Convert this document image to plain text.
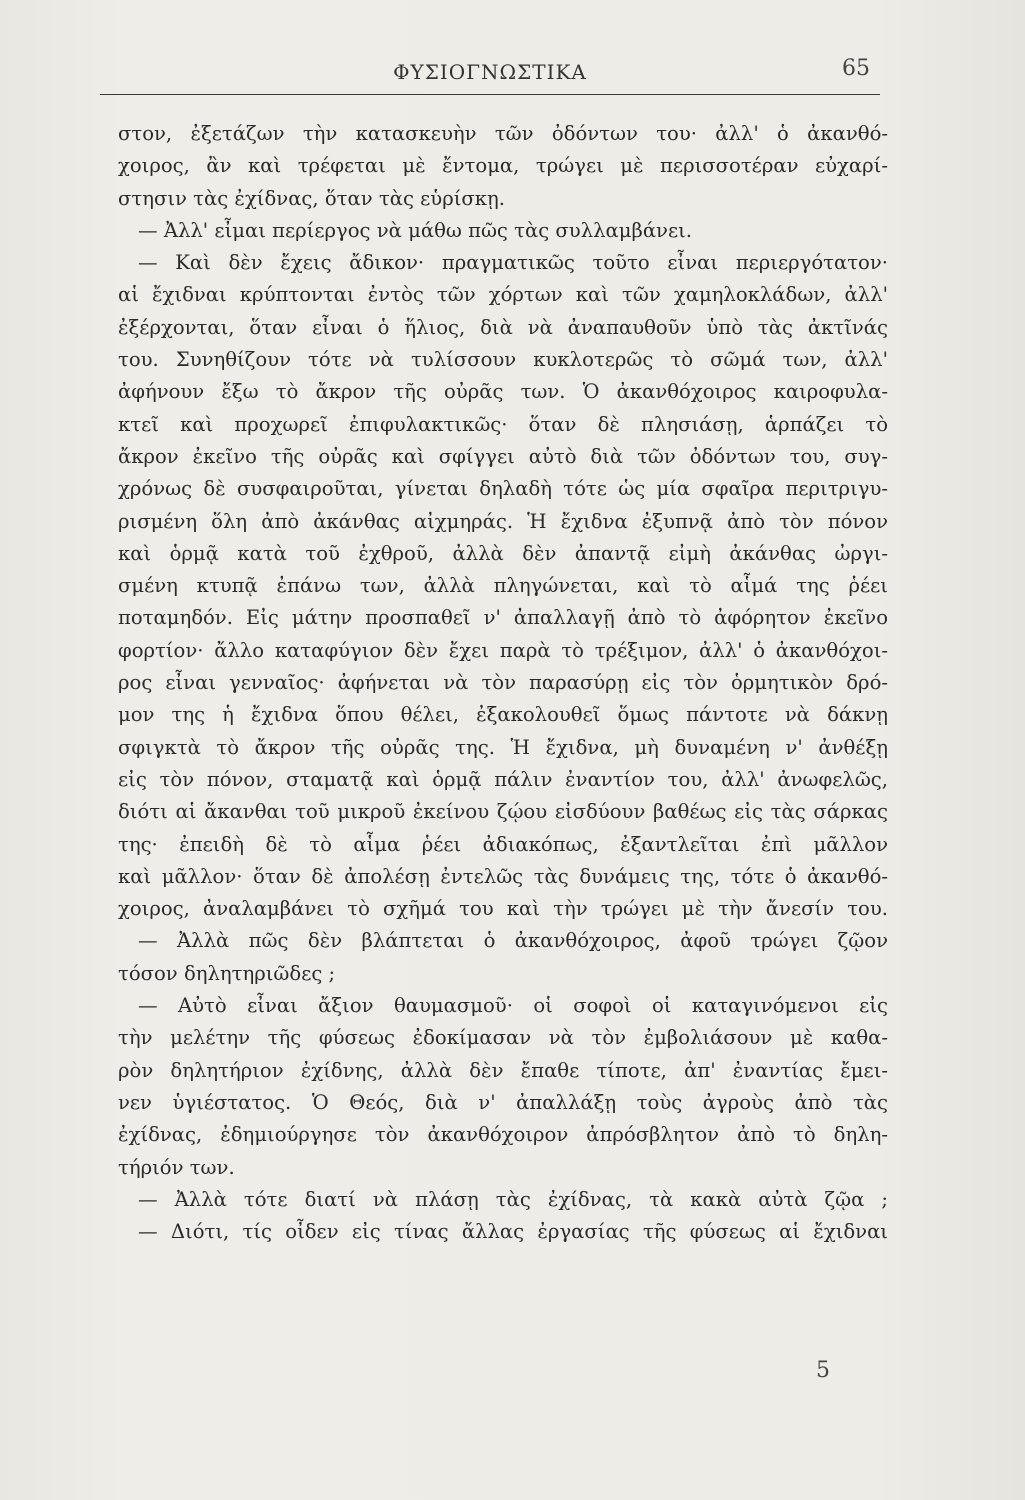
ΦΥΣΙΟΓΝΩΣΤΙΚΑ	65
στον, ἐξετάζων τὴν κατασκευὴν τῶν ὀδόντων του· ἀλλ' ὁ ἀκανθό-
χοιρος, ἂν καὶ τρέφεται μὲ ἔντομα, τρώγει μὲ περισσοτέραν εὐχαρί-
στησιν τὰς ἐχίδνας, ὅταν τὰς εὑρίσκῃ.
— Ἀλλ' εἶμαι περίεργος νὰ μάθω πῶς τὰς συλλαμβάνει.
— Καὶ δὲν ἔχεις ἄδικον· πραγματικῶς τοῦτο εἶναι περιεργότατον·
αἱ ἔχιδναι κρύπτονται ἐντὸς τῶν χόρτων καὶ τῶν χαμηλοκλάδων, ἀλλ'
ἐξέρχονται, ὅταν εἶναι ὁ ἥλιος, διὰ νὰ ἀναπαυθοῦν ὑπὸ τὰς ἀκτῖνάς
του. Συνηθίζουν τότε νὰ τυλίσσουν κυκλοτερῶς τὸ σῶμά των, ἀλλ'
ἀφήνουν ἔξω τὸ ἄκρον τῆς οὐρᾶς των. Ὁ ἀκανθόχοιρος καιροφυλα-
κτεῖ καὶ προχωρεῖ ἐπιφυλακτικῶς· ὅταν δὲ πλησιάσῃ, ἁρπάζει τὸ
ἄκρον ἐκεῖνο τῆς οὐρᾶς καὶ σφίγγει αὐτὸ διὰ τῶν ὀδόντων του, συγ-
χρόνως δὲ συσφαιροῦται, γίνεται δηλαδὴ τότε ὡς μία σφαῖρα περιτριγυ-
ρισμένη ὅλη ἀπὸ ἀκάνθας αἰχμηράς. Ἡ ἔχιδνα ἐξυπνᾷ ἀπὸ τὸν πόνον
καὶ ὁρμᾷ κατὰ τοῦ ἐχθροῦ, ἀλλὰ δὲν ἀπαντᾷ εἰμὴ ἀκάνθας ὠργι-
σμένη κτυπᾷ ἐπάνω των, ἀλλὰ πληγώνεται, καὶ τὸ αἷμά της ῥέει
ποταμηδόν. Εἰς μάτην προσπαθεῖ ν' ἀπαλλαγῇ ἀπὸ τὸ ἀφόρητον ἐκεῖνο
φορτίον· ἄλλο καταφύγιον δὲν ἔχει παρὰ τὸ τρέξιμον, ἀλλ' ὁ ἀκανθόχοι-
ρος εἶναι γενναῖος· ἀφήνεται νὰ τὸν παρασύρῃ εἰς τὸν ὁρμητικὸν δρό-
μον της ἡ ἔχιδνα ὅπου θέλει, ἐξακολουθεῖ ὅμως πάντοτε νὰ δάκνῃ
σφιγκτὰ τὸ ἄκρον τῆς οὐρᾶς της. Ἡ ἔχιδνα, μὴ δυναμένη ν' ἀνθέξῃ
εἰς τὸν πόνον, σταματᾷ καὶ ὁρμᾷ πάλιν ἐναντίον του, ἀλλ' ἀνωφελῶς,
διότι αἱ ἄκανθαι τοῦ μικροῦ ἐκείνου ζῴου εἰσδύουν βαθέως εἰς τὰς σάρκας
της· ἐπειδὴ δὲ τὸ αἷμα ῥέει ἀδιακόπως, ἐξαντλεῖται ἐπὶ μᾶλλον
καὶ μᾶλλον· ὅταν δὲ ἀπολέσῃ ἐντελῶς τὰς δυνάμεις της, τότε ὁ ἀκανθό-
χοιρος, ἀναλαμβάνει τὸ σχῆμά του καὶ τὴν τρώγει μὲ τὴν ἄνεσίν του.
— Ἀλλὰ πῶς δὲν βλάπτεται ὁ ἀκανθόχοιρος, ἀφοῦ τρώγει ζῷον
τόσον δηλητηριῶδες ;
— Αὐτὸ εἶναι ἄξιον θαυμασμοῦ· οἱ σοφοὶ οἱ καταγινόμενοι εἰς
τὴν μελέτην τῆς φύσεως ἐδοκίμασαν νὰ τὸν ἐμβολιάσουν μὲ καθα-
ρὸν δηλητήριον ἐχίδνης, ἀλλὰ δὲν ἔπαθε τίποτε, ἀπ' ἐναντίας ἔμει-
νεν ὑγιέστατος. Ὁ Θεός, διὰ ν' ἀπαλλάξῃ τοὺς ἀγροὺς ἀπὸ τὰς
ἐχίδνας, ἐδημιούργησε τὸν ἀκανθόχοιρον ἀπρόσβλητον ἀπὸ τὸ δηλη-
τήριόν των.
— Ἀλλὰ τότε διατί νὰ πλάσῃ τὰς ἐχίδνας, τὰ κακὰ αὐτὰ ζῷα ;
— Διότι, τίς οἶδεν εἰς τίνας ἄλλας ἐργασίας τῆς φύσεως αἱ ἔχιδναι
5
